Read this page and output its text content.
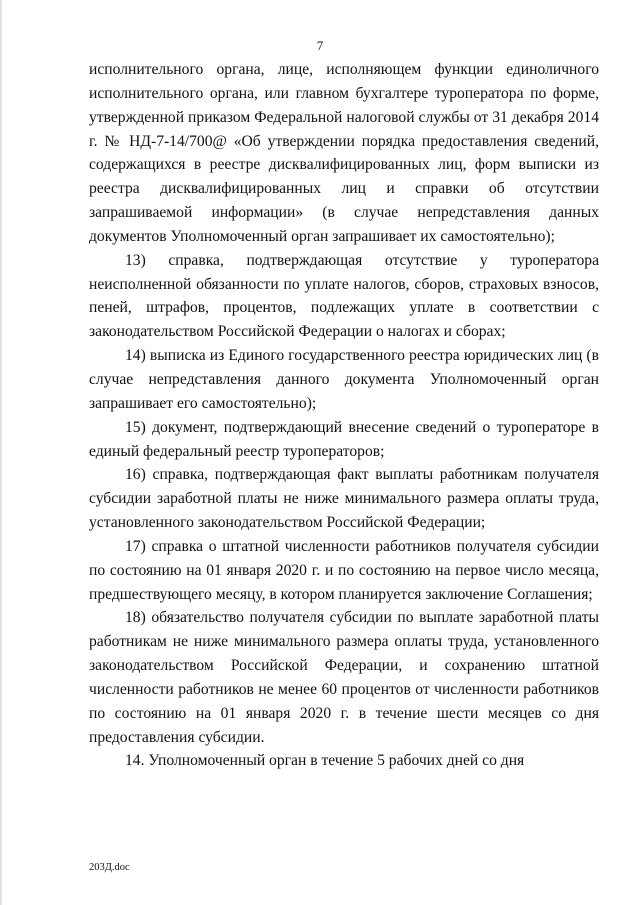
7

исполнительного органа, лице, исполняющем функции единоличного исполнительного органа, или главном бухгалтере туроператора по форме, утвержденной приказом Федеральной налоговой службы от 31 декабря 2014 г. № НД-7-14/700@ «Об утверждении порядка предоставления сведений, содержащихся в реестре дисквалифицированных лиц, форм выписки из реестра дисквалифицированных лиц и справки об отсутствии запрашиваемой информации» (в случае непредставления данных документов Уполномоченный орган запрашивает их самостоятельно);

13) справка, подтверждающая отсутствие у туроператора неисполненной обязанности по уплате налогов, сборов, страховых взносов, пеней, штрафов, процентов, подлежащих уплате в соответствии с законодательством Российской Федерации о налогах и сборах;

14) выписка из Единого государственного реестра юридических лиц (в случае непредставления данного документа Уполномоченный орган запрашивает его самостоятельно);

15) документ, подтверждающий внесение сведений о туроператоре в единый федеральный реестр туроператоров;

16) справка, подтверждающая факт выплаты работникам получателя субсидии заработной платы не ниже минимального размера оплаты труда, установленного законодательством Российской Федерации;

17) справка о штатной численности работников получателя субсидии по состоянию на 01 января 2020 г. и по состоянию на первое число месяца, предшествующего месяцу, в котором планируется заключение Соглашения;

18) обязательство получателя субсидии по выплате заработной платы работникам не ниже минимального размера оплаты труда, установленного законодательством Российской Федерации, и сохранению штатной численности работников не менее 60 процентов от численности работников по состоянию на 01 января 2020 г. в течение шести месяцев со дня предоставления субсидии.

14. Уполномоченный орган в течение 5 рабочих дней со дня

203Д.doc
